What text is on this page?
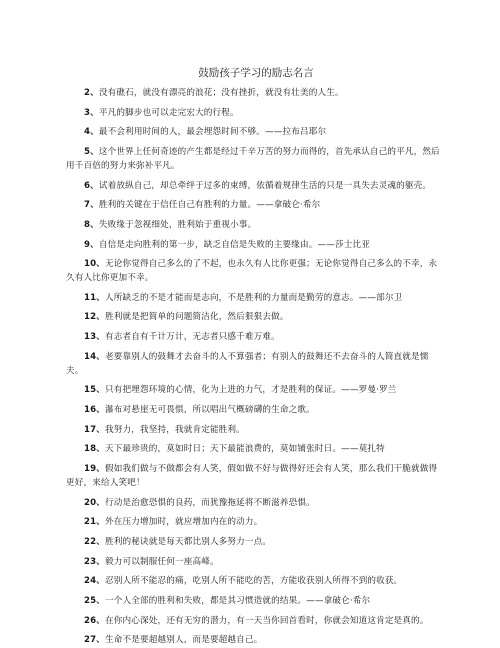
鼓励孩子学习的励志名言

2、没有礁石，就没有漂亮的浪花；没有挫折，就没有壮美的人生。

3、平凡的脚步也可以走完宏大的行程。

4、最不会利用时间的人，最会埋怨时间不够。——拉布吕耶尔

5、这个世界上任何奇迹的产生都是经过千辛万苦的努力而得的，首先承认自己的平凡，然后用千百倍的努力来弥补平凡。

6、试着放纵自己，却总牵绊于过多的束缚，依循着规律生活的只是一具失去灵魂的躯壳。

7、胜利的关键在于信任自己有胜利的力量。——拿破仑·希尔

8、失败缘于忽视细处，胜利始于重视小事。

9、自信是走向胜利的第一步，缺乏自信是失败的主要缘由。——莎士比亚

10、无论你觉得自己多么的了不起，也永久有人比你更强；无论你觉得自己多么的不幸，永久有人比你更加不幸。

11、人所缺乏的不是才能而是志向，不是胜利的力量而是勤劳的意志。——部尔卫

12、胜利就是把简单的问题简洁化，然后狠狠去做。

13、有志者自有千计万计，无志者只感千难万难。

14、老要靠别人的鼓舞才去奋斗的人不算强者；有别人的鼓舞还不去奋斗的人简直就是懦夫。

15、只有把埋怨环境的心情，化为上进的力气，才是胜利的保证。——罗曼·罗兰

16、瀑布对悬崖无可畏惧，所以唱出气概磅礴的生命之歌。

17、我努力，我坚持，我就肯定能胜利。

18、天下最珍贵的，莫如时日；天下最能浪费的，莫如铺张时日。——莫扎特

19、假如我们做与不做都会有人笑，假如做不好与做得好还会有人笑，那么我们干脆就做得更好，来给人笑吧！

20、行动是治愈恐惧的良药，而犹豫拖延将不断滋养恐惧。

21、外在压力增加时，就应增加内在的动力。

22、胜利的秘诀就是每天都比别人多努力一点。

23、毅力可以制服任何一座高峰。

24、忍别人所不能忍的痛，吃别人所不能吃的苦，方能收获别人所得不到的收获。

25、一个人全部的胜利和失败，都是其习惯造就的结果。——拿破仑·希尔

26、在你内心深处，还有无穷的潜力，有一天当你回首看时，你就会知道这肯定是真的。

27、生命不是要超越别人，而是要超越自己。
